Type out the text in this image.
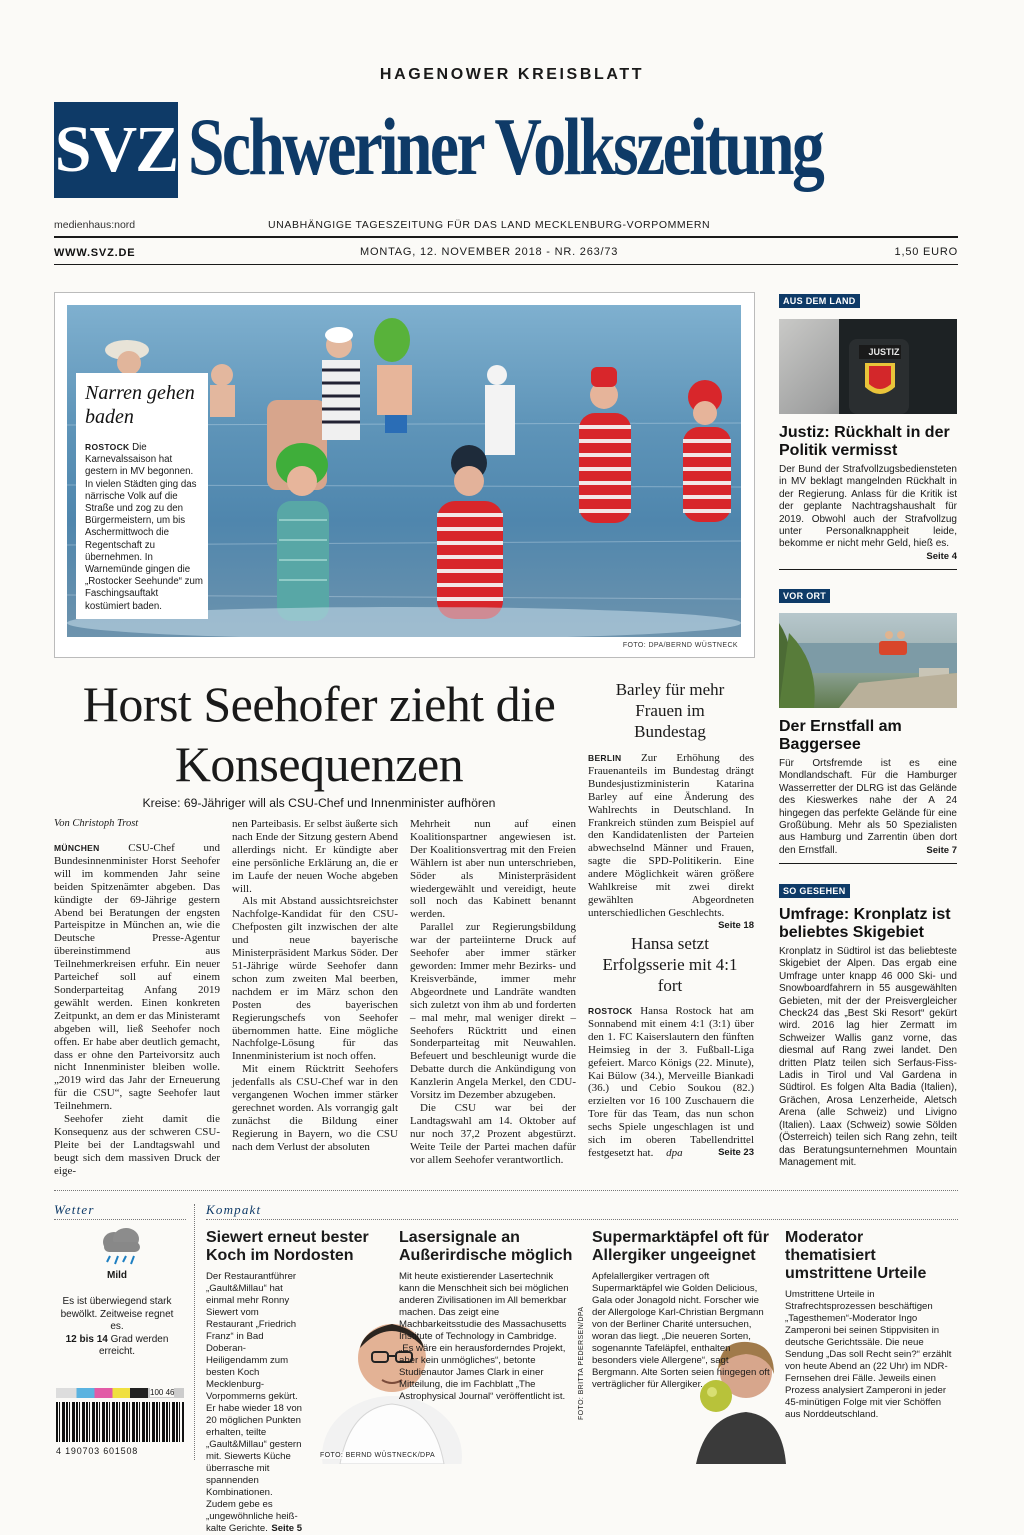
HAGENOWER KREISBLATT
SVZ Schweriner Volkszeitung
medienhaus:nord	UNABHÄNGIGE TAGESZEITUNG FÜR DAS LAND MECKLENBURG-VORPOMMERN
WWW.SVZ.DE	MONTAG, 12. NOVEMBER 2018 - NR. 263/73	1,50 EURO
Narren gehen baden
ROSTOCK Die Karnevalssaison hat gestern in MV begonnen. In vielen Städten ging das närrische Volk auf die Straße und zog zu den Bürgermeistern, um bis Aschermittwoch die Regentschaft zu übernehmen. In Warnemünde gingen die „Rostocker Seehunde“ zum Faschingsauftakt kostümiert baden.
FOTO: DPA/BERND WÜSTNECK
Horst Seehofer zieht die Konsequenzen
Kreise: 69-Jähriger will als CSU-Chef und Innenminister aufhören
Von Christoph Trost

MÜNCHEN	CSU-Chef und Bundesinnenminister Horst Seehofer will im kommenden Jahr seine beiden Spitzenämter abgeben. Das kündigte der 69-Jährige gestern Abend bei Beratungen der engsten Parteispitze in München an, wie die Deutsche Presse-Agentur übereinstimmend aus Teilnehmerkreisen erfuhr. Ein neuer Parteichef soll auf einem Sonderparteitag Anfang 2019 gewählt werden. Einen konkreten Zeitpunkt, an dem er das Ministeramt abgeben will, ließ Seehofer noch offen. Er habe aber deutlich gemacht, dass er ohne den Parteivorsitz auch nicht Innenminister bleiben wolle. „2019 wird das Jahr der Erneuerung für die CSU“, sagte Seehofer laut Teilnehmern.

Seehofer zieht damit die Konsequenz aus der schweren CSU-Pleite bei der Landtagswahl und beugt sich dem massiven Druck der eige-

nen Parteibasis. Er selbst äußerte sich nach Ende der Sitzung gestern Abend allerdings nicht. Er kündigte aber eine persönliche Erklärung an, die er im Laufe der neuen Woche abgeben will.

Als mit Abstand aussichtsreichster Nachfolge-Kandidat für den CSU-Chefposten gilt inzwischen der alte und neue bayerische Ministerpräsident Markus Söder. Der 51-Jährige würde Seehofer dann schon zum zweiten Mal beerben, nachdem er im März schon den Posten des bayerischen Regierungschefs von Seehofer übernommen hatte. Eine mögliche Nachfolge-Lösung für das Innenministerium ist noch offen.

Mit einem Rücktritt Seehofers jedenfalls als CSU-Chef war in den vergangenen Wochen immer stärker gerechnet worden. Als vorrangig galt zunächst die Bildung einer Regierung in Bayern, wo die CSU nach dem Verlust der absoluten

Mehrheit nun auf einen Koalitionspartner angewiesen ist. Der Koalitionsvertrag mit den Freien Wählern ist aber nun unterschrieben, Söder als Ministerpräsident wiedergewählt und vereidigt, heute soll noch das Kabinett benannt werden.

Parallel zur Regierungsbildung war der parteiinterne Druck auf Seehofer aber immer stärker geworden: Immer mehr Bezirks- und Kreisverbände, immer mehr Abgeordnete und Landräte wandten sich zuletzt von ihm ab und forderten – mal mehr, mal weniger direkt – Seehofers Rücktritt und einen Sonderparteitag mit Neuwahlen. Befeuert und beschleunigt wurde die Debatte durch die Ankündigung von Kanzlerin Angela Merkel, den CDU-Vorsitz im Dezember abzugeben.

Die CSU war bei der Landtagswahl am 14. Oktober auf nur noch 37,2 Prozent abgestürzt. Weite Teile der Partei machen dafür vor allem Seehofer verantwortlich.

Barley für mehr Frauen im Bundestag

BERLIN Zur Erhöhung des Frauenanteils im Bundestag drängt Bundesjustizministerin Katarina Barley auf eine Änderung des Wahlrechts in Deutschland. In Frankreich stünden zum Beispiel auf den Kandidatenlisten der Parteien abwechselnd Männer und Frauen, sagte die SPD-Politikerin. Eine andere Möglichkeit wären größere Wahlkreise mit zwei direkt gewählten Abgeordneten unterschiedlichen Geschlechts.
Seite 18

Hansa setzt Erfolgsserie mit 4:1 fort

ROSTOCK Hansa Rostock hat am Sonnabend mit einem 4:1 (3:1) über den 1. FC Kaiserslautern den fünften Heimsieg in der 3. Fußball-Liga gefeiert. Marco Königs (22. Minute), Kai Bülow (34.), Merveille Biankadi (36.) und Cebio Soukou (82.) erzielten vor 16 100 Zuschauern die Tore für das Team, das nun schon sechs Spiele ungeschlagen ist und sich im oberen Tabellendrittel festgesetzt hat. dpa	Seite 23

AUS DEM LAND
JUSTIZ
Justiz: Rückhalt in der Politik vermisst

Der Bund der Strafvollzugsbediensteten in MV beklagt mangelnden Rückhalt in der Regierung. Anlass für die Kritik ist der geplante Nachtragshaushalt für 2019. Obwohl auch der Strafvollzug unter Personalknappheit leide, bekomme er nicht mehr Geld, hieß es.
Seite 4

VOR ORT
Der Ernstfall am Baggersee

Für Ortsfremde ist es eine Mondlandschaft. Für die Hamburger Wasserretter der DLRG ist das Gelände des Kieswerkes nahe der A 24 hingegen das perfekte Gelände für eine Großübung. Mehr als 50 Spezialisten aus Hamburg und Zarrentin üben dort den Ernstfall.	Seite 7

SO GESEHEN
Umfrage: Kronplatz ist beliebtes Skigebiet

Kronplatz in Südtirol ist das beliebteste Skigebiet der Alpen. Das ergab eine Umfrage unter knapp 46 000 Ski- und Snowboardfahrern in 55 ausgewählten Gebieten, mit der der Preisvergleicher Check24 das „Best Ski Resort“ gekürt wird. 2016 lag hier Zermatt im Schweizer Wallis ganz vorne, das diesmal auf Rang zwei landet. Den dritten Platz teilen sich Serfaus-Fiss-Ladis in Tirol und Val Gardena in Südtirol. Es folgen Alta Badia (Italien), Grächen, Arosa Lenzerheide, Aletsch Arena (alle Schweiz) und Livigno (Italien). Laax (Schweiz) sowie Sölden (Österreich) teilen sich Rang zehn, teilt das Beratungsunternehmen Mountain Management mit.

Wetter
Mild
Es ist überwiegend stark bewölkt. Zeitweise regnet es.
12 bis 14 Grad werden erreicht.
100 46
4 190703 601508
Kompakt
FOTO: BERND WÜSTNECK/DPA
Siewert erneut bester Koch im Nordosten

Der Restaurantführer „Gault&Millau“ hat einmal mehr Ronny Siewert vom Restaurant „Friedrich Franz“ in Bad Doberan-Heiligendamm zum besten Koch Mecklenburg-Vorpommerns gekürt. Er habe wieder 18 von 20 möglichen Punkten erhalten, teilte „Gault&Millau“ gestern mit. Siewerts Küche überrasche mit spannenden Kombinationen. Zudem gebe es „ungewöhnliche heiß-kalte Gerichte. Seite 5

Lasersignale an Außerirdische möglich

Mit heute existierender Lasertechnik kann die Menschheit sich bei möglichen anderen Zivilisationen im All bemerkbar machen. Das zeigt eine Machbarkeitsstudie des Massachusetts Institute of Technology in Cambridge. „Es wäre ein herausforderndes Projekt, aber kein unmögliches“, betonte Studienautor James Clark in einer Mitteilung, die im Fachblatt „The Astrophysical Journal“ veröffentlicht ist.	FOTO: BRITTA PEDERSEN/DPA
Supermarktäpfel oft für Allergiker ungeeignet

Apfelallergiker vertragen oft Supermarktäpfel wie Golden Delicious, Gala oder Jonagold nicht. Forscher wie der Allergologe Karl-Christian Bergmann von der Berliner Charité untersuchen, woran das liegt. „Die neueren Sorten, sogenannte Tafeläpfel, enthalten besonders viele Allergene“, sagt Bergmann. Alte Sorten seien hingegen oft verträglicher für Allergiker.

Moderator thematisiert umstrittene Urteile

Umstrittene Urteile in Strafrechtsprozessen beschäftigen „Tagesthemen“-Moderator Ingo Zamperoni bei seinen Stippvisiten in deutsche Gerichtssäle. Die neue Sendung „Das soll Recht sein?“ erzählt von heute Abend an (22 Uhr) im NDR-Fernsehen drei Fälle. Jeweils einen Prozess analysiert Zamperoni in jeder 45-minütigen Folge mit vier Schöffen aus Norddeutschland.
